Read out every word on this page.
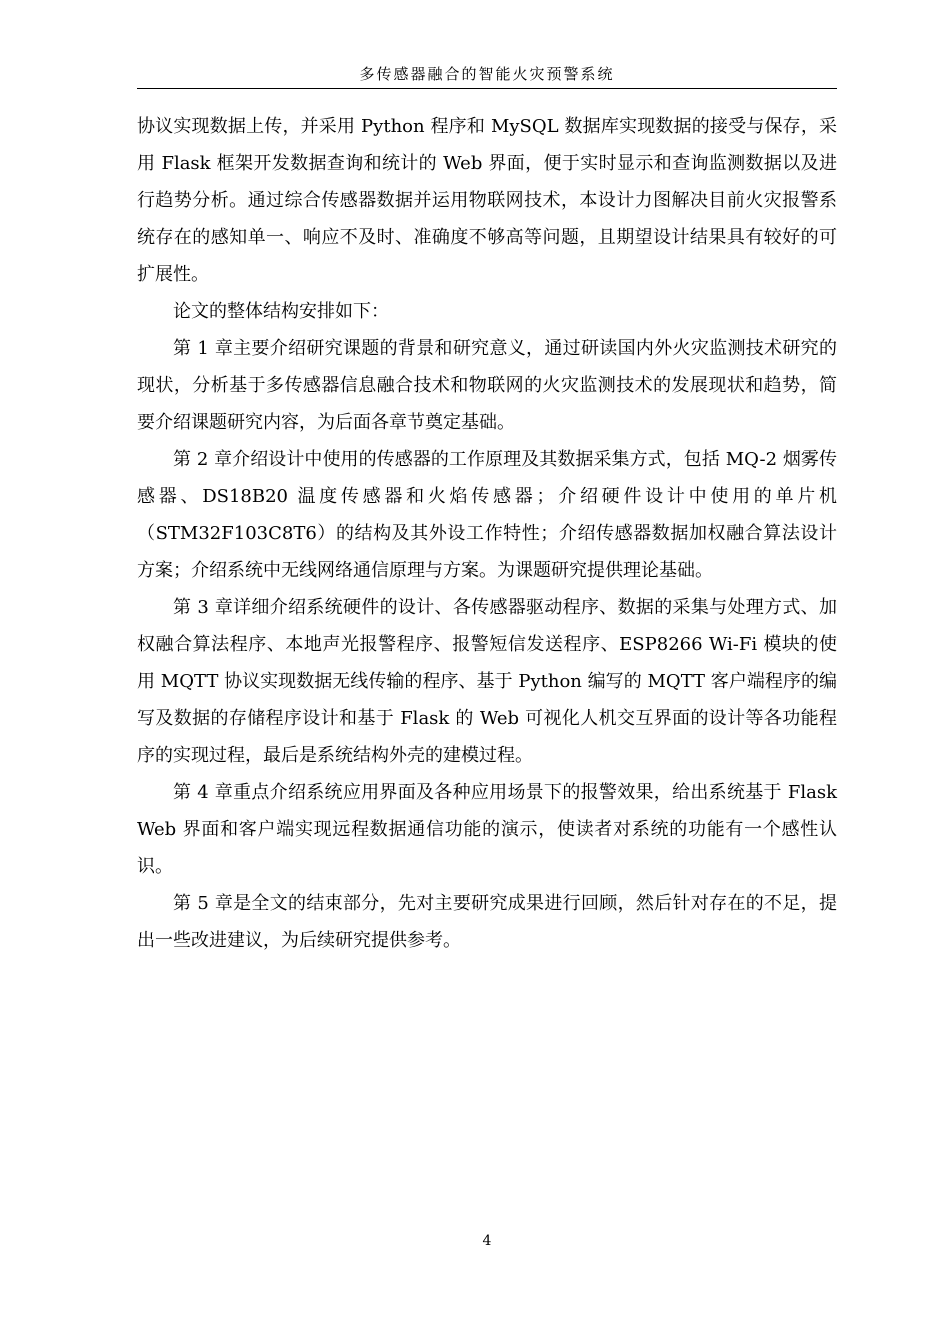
多传感器融合的智能火灾预警系统

协议实现数据上传，并采用 Python 程序和 MySQL 数据库实现数据的接受与保存，采用 Flask 框架开发数据查询和统计的 Web 界面，便于实时显示和查询监测数据以及进行趋势分析。通过综合传感器数据并运用物联网技术，本设计力图解决目前火灾报警系统存在的感知单一、响应不及时、准确度不够高等问题，且期望设计结果具有较好的可扩展性。

论文的整体结构安排如下：

第 1 章主要介绍研究课题的背景和研究意义，通过研读国内外火灾监测技术研究的现状，分析基于多传感器信息融合技术和物联网的火灾监测技术的发展现状和趋势，简要介绍课题研究内容，为后面各章节奠定基础。

第 2 章介绍设计中使用的传感器的工作原理及其数据采集方式，包括 MQ-2 烟雾传感器、DS18B20 温度传感器和火焰传感器；介绍硬件设计中使用的单片机（STM32F103C8T6）的结构及其外设工作特性；介绍传感器数据加权融合算法设计方案；介绍系统中无线网络通信原理与方案。为课题研究提供理论基础。

第 3 章详细介绍系统硬件的设计、各传感器驱动程序、数据的采集与处理方式、加权融合算法程序、本地声光报警程序、报警短信发送程序、ESP8266 Wi-Fi 模块的使用 MQTT 协议实现数据无线传输的程序、基于 Python 编写的 MQTT 客户端程序的编写及数据的存储程序设计和基于 Flask 的 Web 可视化人机交互界面的设计等各功能程序的实现过程，最后是系统结构外壳的建模过程。

第 4 章重点介绍系统应用界面及各种应用场景下的报警效果，给出系统基于 Flask Web 界面和客户端实现远程数据通信功能的演示，使读者对系统的功能有一个感性认识。

第 5 章是全文的结束部分，先对主要研究成果进行回顾，然后针对存在的不足，提出一些改进建议，为后续研究提供参考。

4
